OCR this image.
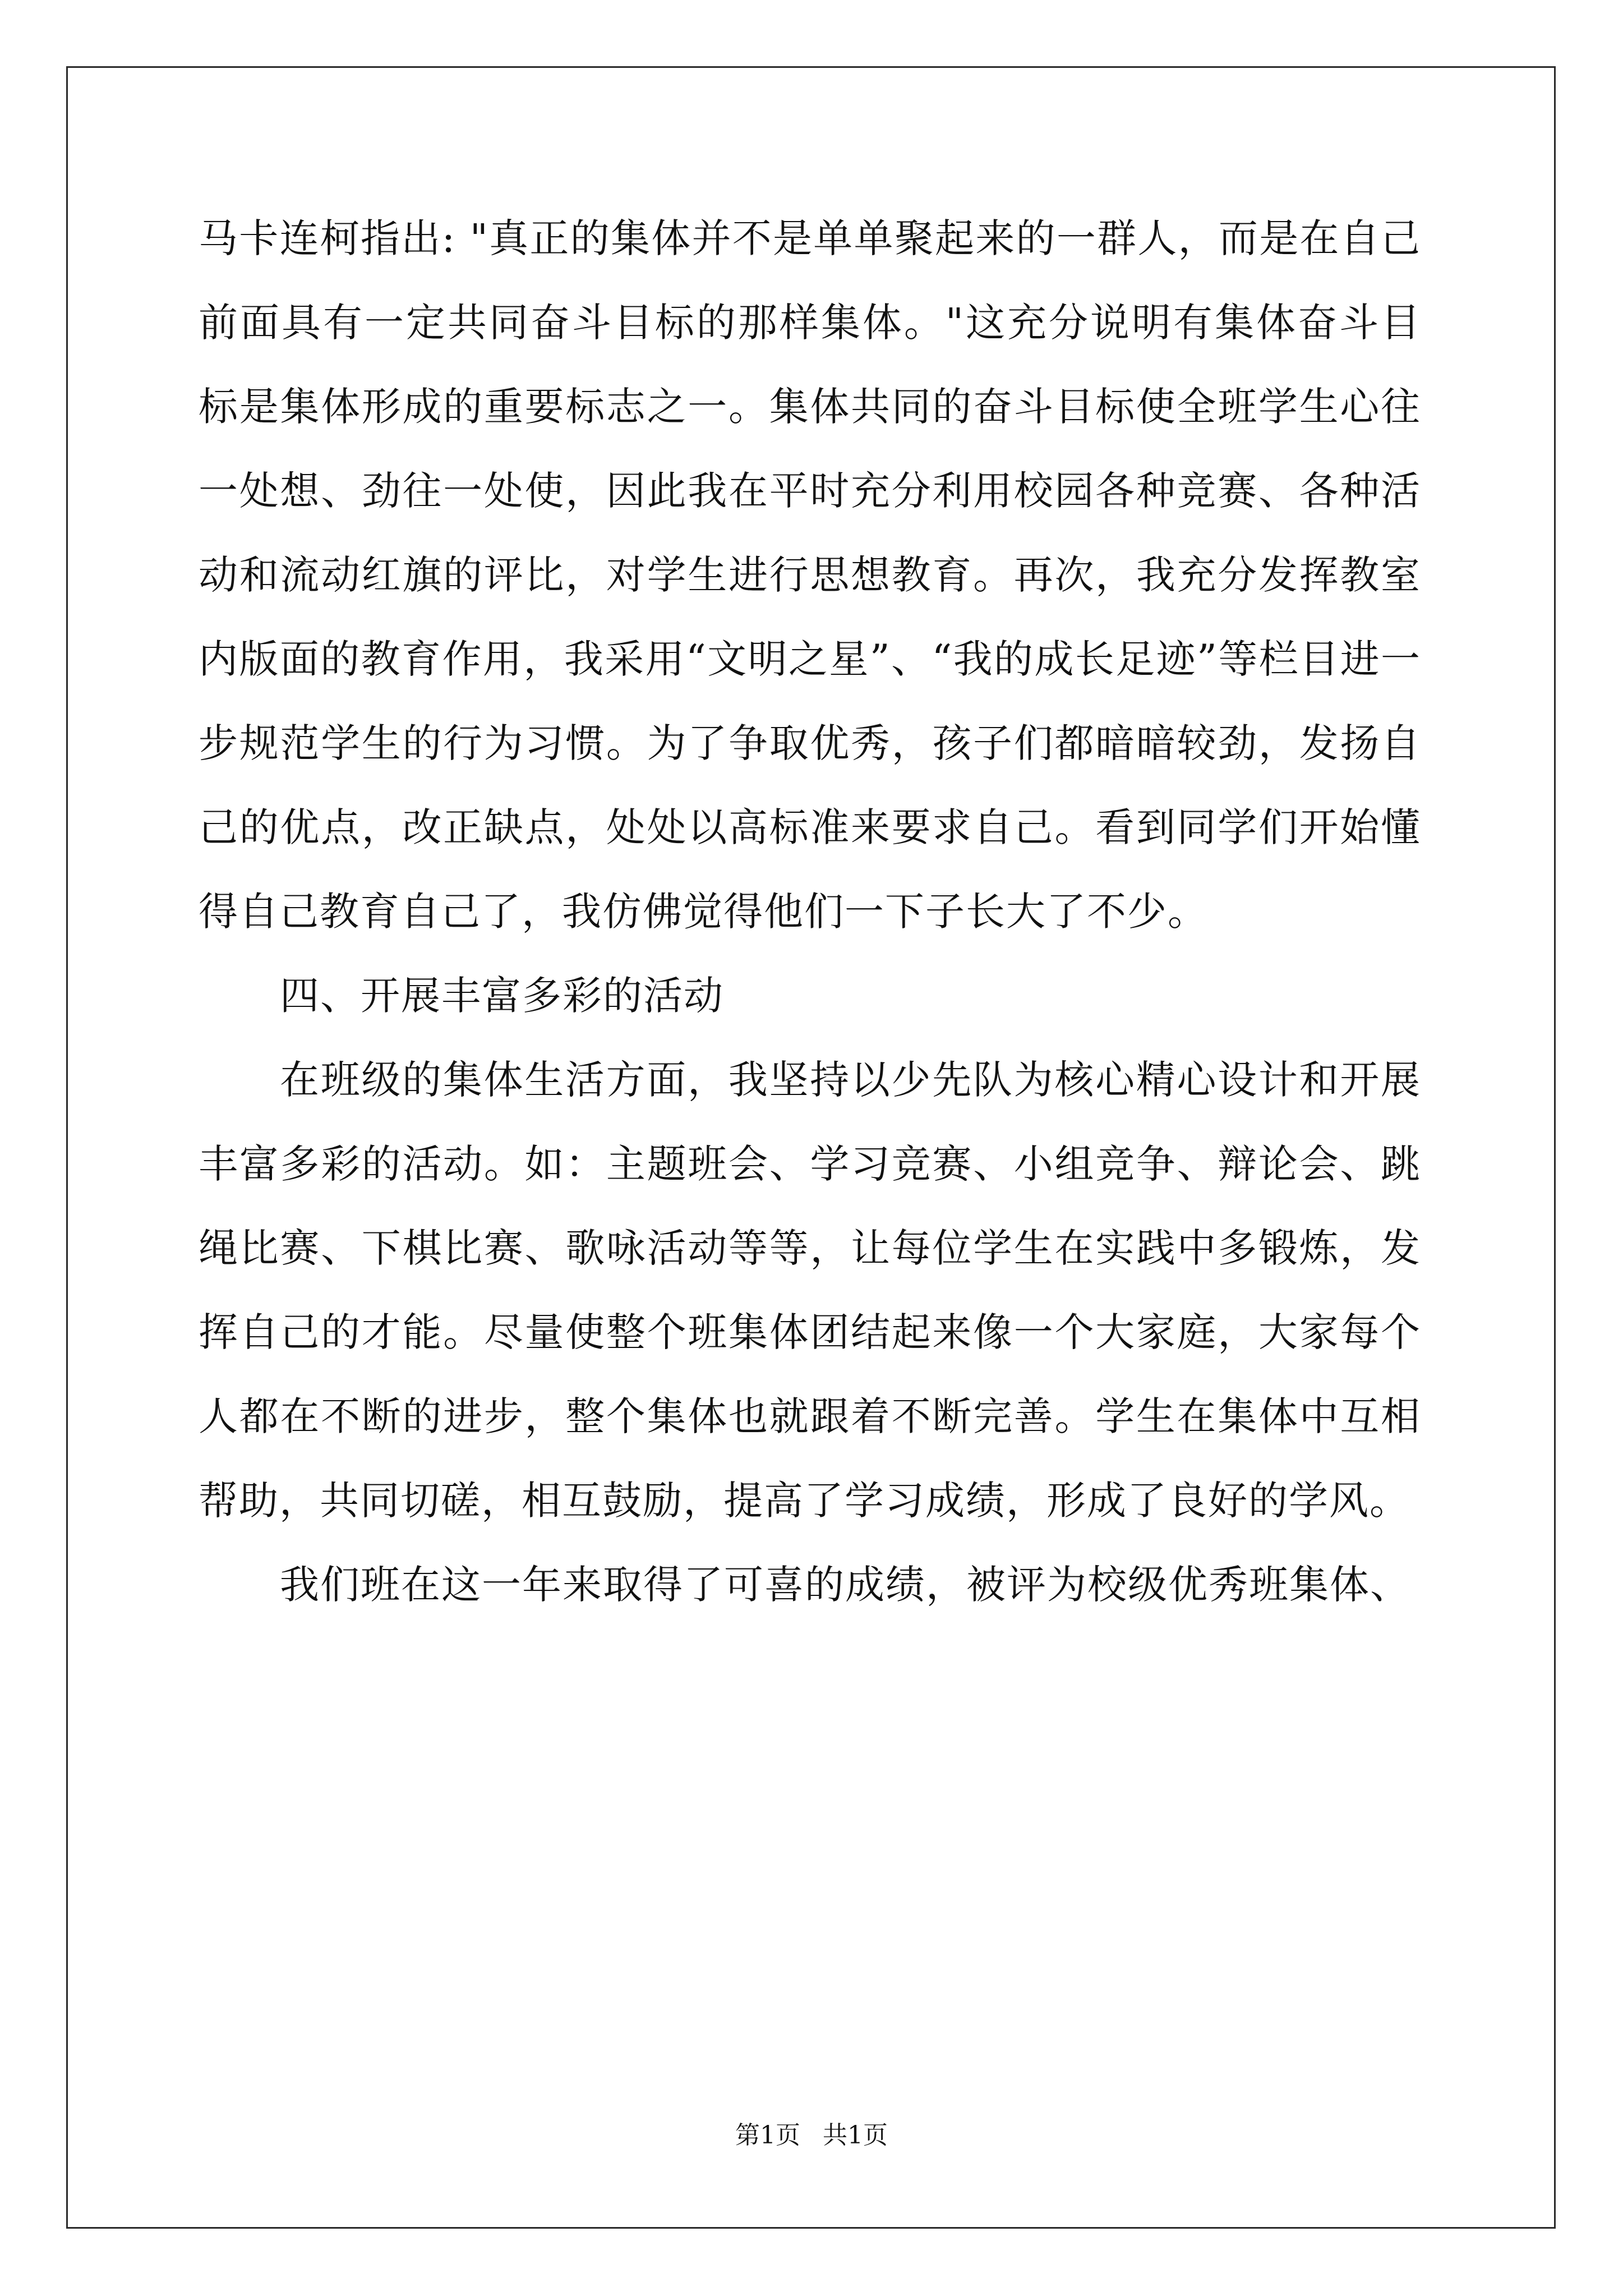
马卡连柯指出: "真正的集体并不是单单聚起来的一群人，而是在自己前面具有一定共同奋斗目标的那样集体。"这充分说明有集体奋斗目标是集体形成的重要标志之一。集体共同的奋斗目标使全班学生心往一处想、劲往一处使，因此我在平时充分利用校园各种竞赛、各种活动和流动红旗的评比，对学生进行思想教育。再次，我充分发挥教室内版面的教育作用，我采用“文明之星”、“我的成长足迹”等栏目进一步规范学生的行为习惯。为了争取优秀，孩子们都暗暗较劲，发扬自己的优点，改正缺点，处处以高标准来要求自己。看到同学们开始懂得自己教育自己了，我仿佛觉得他们一下子长大了不少。

四、开展丰富多彩的活动

在班级的集体生活方面，我坚持以少先队为核心精心设计和开展丰富多彩的活动。如：主题班会、学习竞赛、小组竞争、辩论会、跳绳比赛、下棋比赛、歌咏活动等等，让每位学生在实践中多锻炼，发挥自己的才能。尽量使整个班集体团结起来像一个大家庭，大家每个人都在不断的进步，整个集体也就跟着不断完善。学生在集体中互相帮助，共同切磋，相互鼓励，提高了学习成绩，形成了良好的学风。

我们班在这一年来取得了可喜的成绩，被评为校级优秀班集体、

第1页 共1页
